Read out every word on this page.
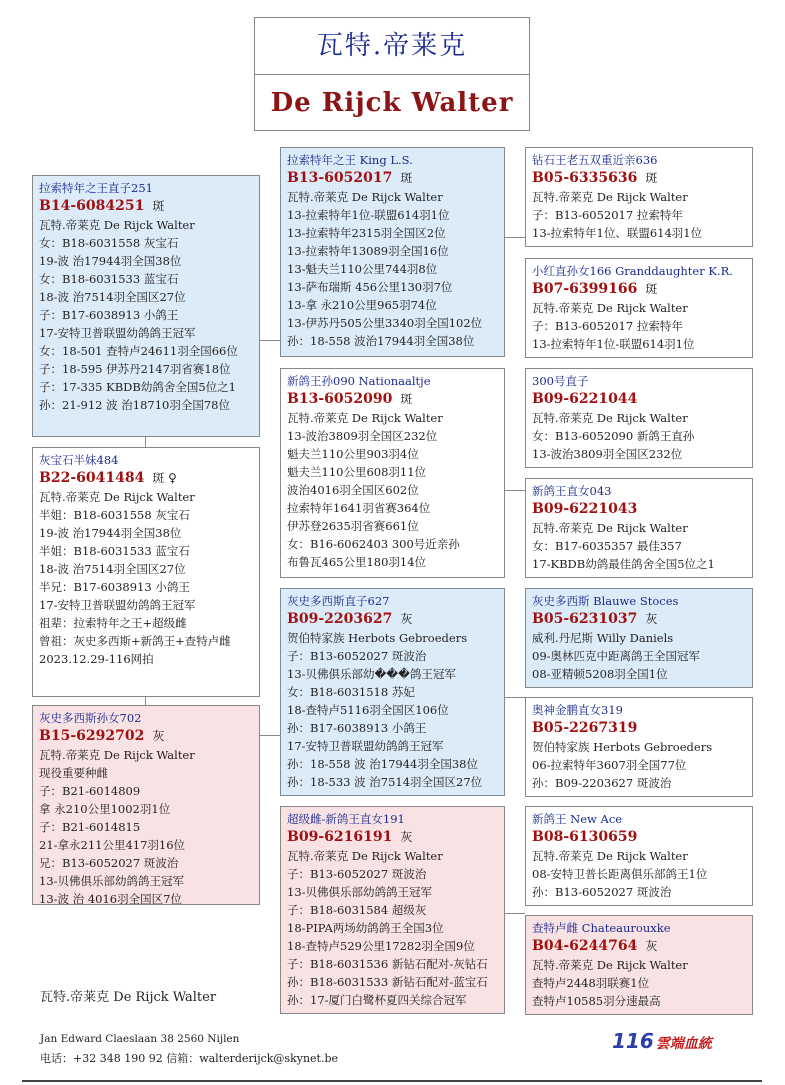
瓦特.帝莱克
De Rijck Walter
拉索特年之王直子251
B14-6084251 斑
瓦特.帝莱克 De Rijck Walter
女：B18-6031558 灰宝石
19-波 治17944羽全国38位
女：B18-6031533 蓝宝石
18-波 治7514羽全国区27位
子：B17-6038913 小鸽王
17-安特卫普联盟幼鸽鸽王冠军
女：18-501 查特卢24611羽全国66位
子：18-595 伊苏丹2147羽省赛18位
子：17-335 KBDB幼鸽舍全国5位之1
孙：21-912 波 治18710羽全国78位
灰宝石半妹484
B22-6041484 斑 ♀
瓦特.帝莱克 De Rijck Walter
半姐：B18-6031558 灰宝石
19-波 治17944羽全国38位
半姐：B18-6031533 蓝宝石
18-波 治7514羽全国区27位
半兄：B17-6038913 小鸽王
17-安特卫普联盟幼鸽鸽王冠军
祖辈：拉索特年之王+超级雌
曾祖：灰史多西斯+新鸽王+查特卢雌
2023.12.29-116网拍
灰史多西斯孙女702
B15-6292702 灰
瓦特.帝莱克 De Rijck Walter
现役重要种雌
子：B21-6014809
拿 永210公里1002羽1位
子：B21-6014815
21-拿永211公里417羽16位
兄：B13-6052027 斑波治
13-贝佛俱乐部幼鸽鸽王冠军
13-波 治 4016羽全国区7位
拉索特年之王 King L.S.
B13-6052017 斑
瓦特.帝莱克 De Rijck Walter
13-拉索特年1位-联盟614羽1位
13-拉索特年2315羽全国区2位
13-拉索特年13089羽全国16位
13-魁夫兰110公里744羽8位
13-萨布瑞斯 456公里130羽7位
13-拿 永210公里965羽74位
13-伊苏丹505公里3340羽全国102位
孙：18-558 波治17944羽全国38位
新鸽王孙090 Nationaaltje
B13-6052090 斑
瓦特.帝莱克 De Rijck Walter
13-波治3809羽全国区232位
魁夫兰110公里903羽4位
魁夫兰110公里608羽11位
波治4016羽全国区602位
拉索特年1641羽省赛364位
伊苏登2635羽省赛661位
女：B16-6062403 300号近亲孙
布鲁瓦465公里180羽14位
灰史多西斯直子627
B09-2203627 灰
贺伯特家族 Herbots Gebroeders
子：B13-6052027 斑波治
13-贝佛俱乐部幼���鸽王冠军
女：B18-6031518 苏妃
18-查特卢5116羽全国区106位
孙：B17-6038913 小鸽王
17-安特卫普联盟幼鸽鸽王冠军
孙：18-558 波 治17944羽全国38位
孙：18-533 波 治7514羽全国区27位
超级雌-新鸽王直女191
B09-6216191 灰
瓦特.帝莱克 De Rijck Walter
子：B13-6052027 斑波治
13-贝佛俱乐部幼鸽鸽王冠军
子：B18-6031584 超级灰
18-PIPA两场幼鸽鸽王全国3位
18-查特卢529公里17282羽全国9位
子：B18-6031536 新钻石配对-灰钻石
孙：B18-6031533 新钻石配对-蓝宝石
孙：17-厦门白鹭杯夏四关综合冠军
钻石王老五双重近亲636
B05-6335636 斑
瓦特.帝莱克 De Rijck Walter
子：B13-6052017 拉索特年
13-拉索特年1位、联盟614羽1位
小红直孙女166 Granddaughter K.R.
B07-6399166 斑
瓦特.帝莱克 De Rijck Walter
子：B13-6052017 拉索特年
13-拉索特年1位-联盟614羽1位
300号直子
B09-6221044
瓦特.帝莱克 De Rijck Walter
女：B13-6052090 新鸽王直孙
13-波治3809羽全国区232位
新鸽王直女043
B09-6221043
瓦特.帝莱克 De Rijck Walter
女：B17-6035357 最佳357
17-KBDB幼鸽最佳鸽舍全国5位之1
灰史多西斯 Blauwe Stoces
B05-6231037 灰
威利.丹尼斯 Willy Daniels
09-奥林匹克中距离鸽王全国冠军
08-亚精顿5208羽全国1位
奥神金鹏直女319
B05-2267319
贺伯特家族 Herbots Gebroeders
06-拉索特年3607羽全国77位
孙：B09-2203627 斑波治
新鸽王 New Ace
B08-6130659
瓦特.帝莱克 De Rijck Walter
08-安特卫普长距离俱乐部鸽王1位
孙：B13-6052027 斑波治
查特卢雌 Chateaurouxke
B04-6244764 灰
瓦特.帝莱克 De Rijck Walter
查特卢2448羽联赛1位
查特卢10585羽分速最高
瓦特.帝莱克 De Rijck Walter
Jan Edward Claeslaan 38 2560 Nijlen
电话：+32 348 190 92 信箱：walterderijck@skynet.be
116 雲端血統
